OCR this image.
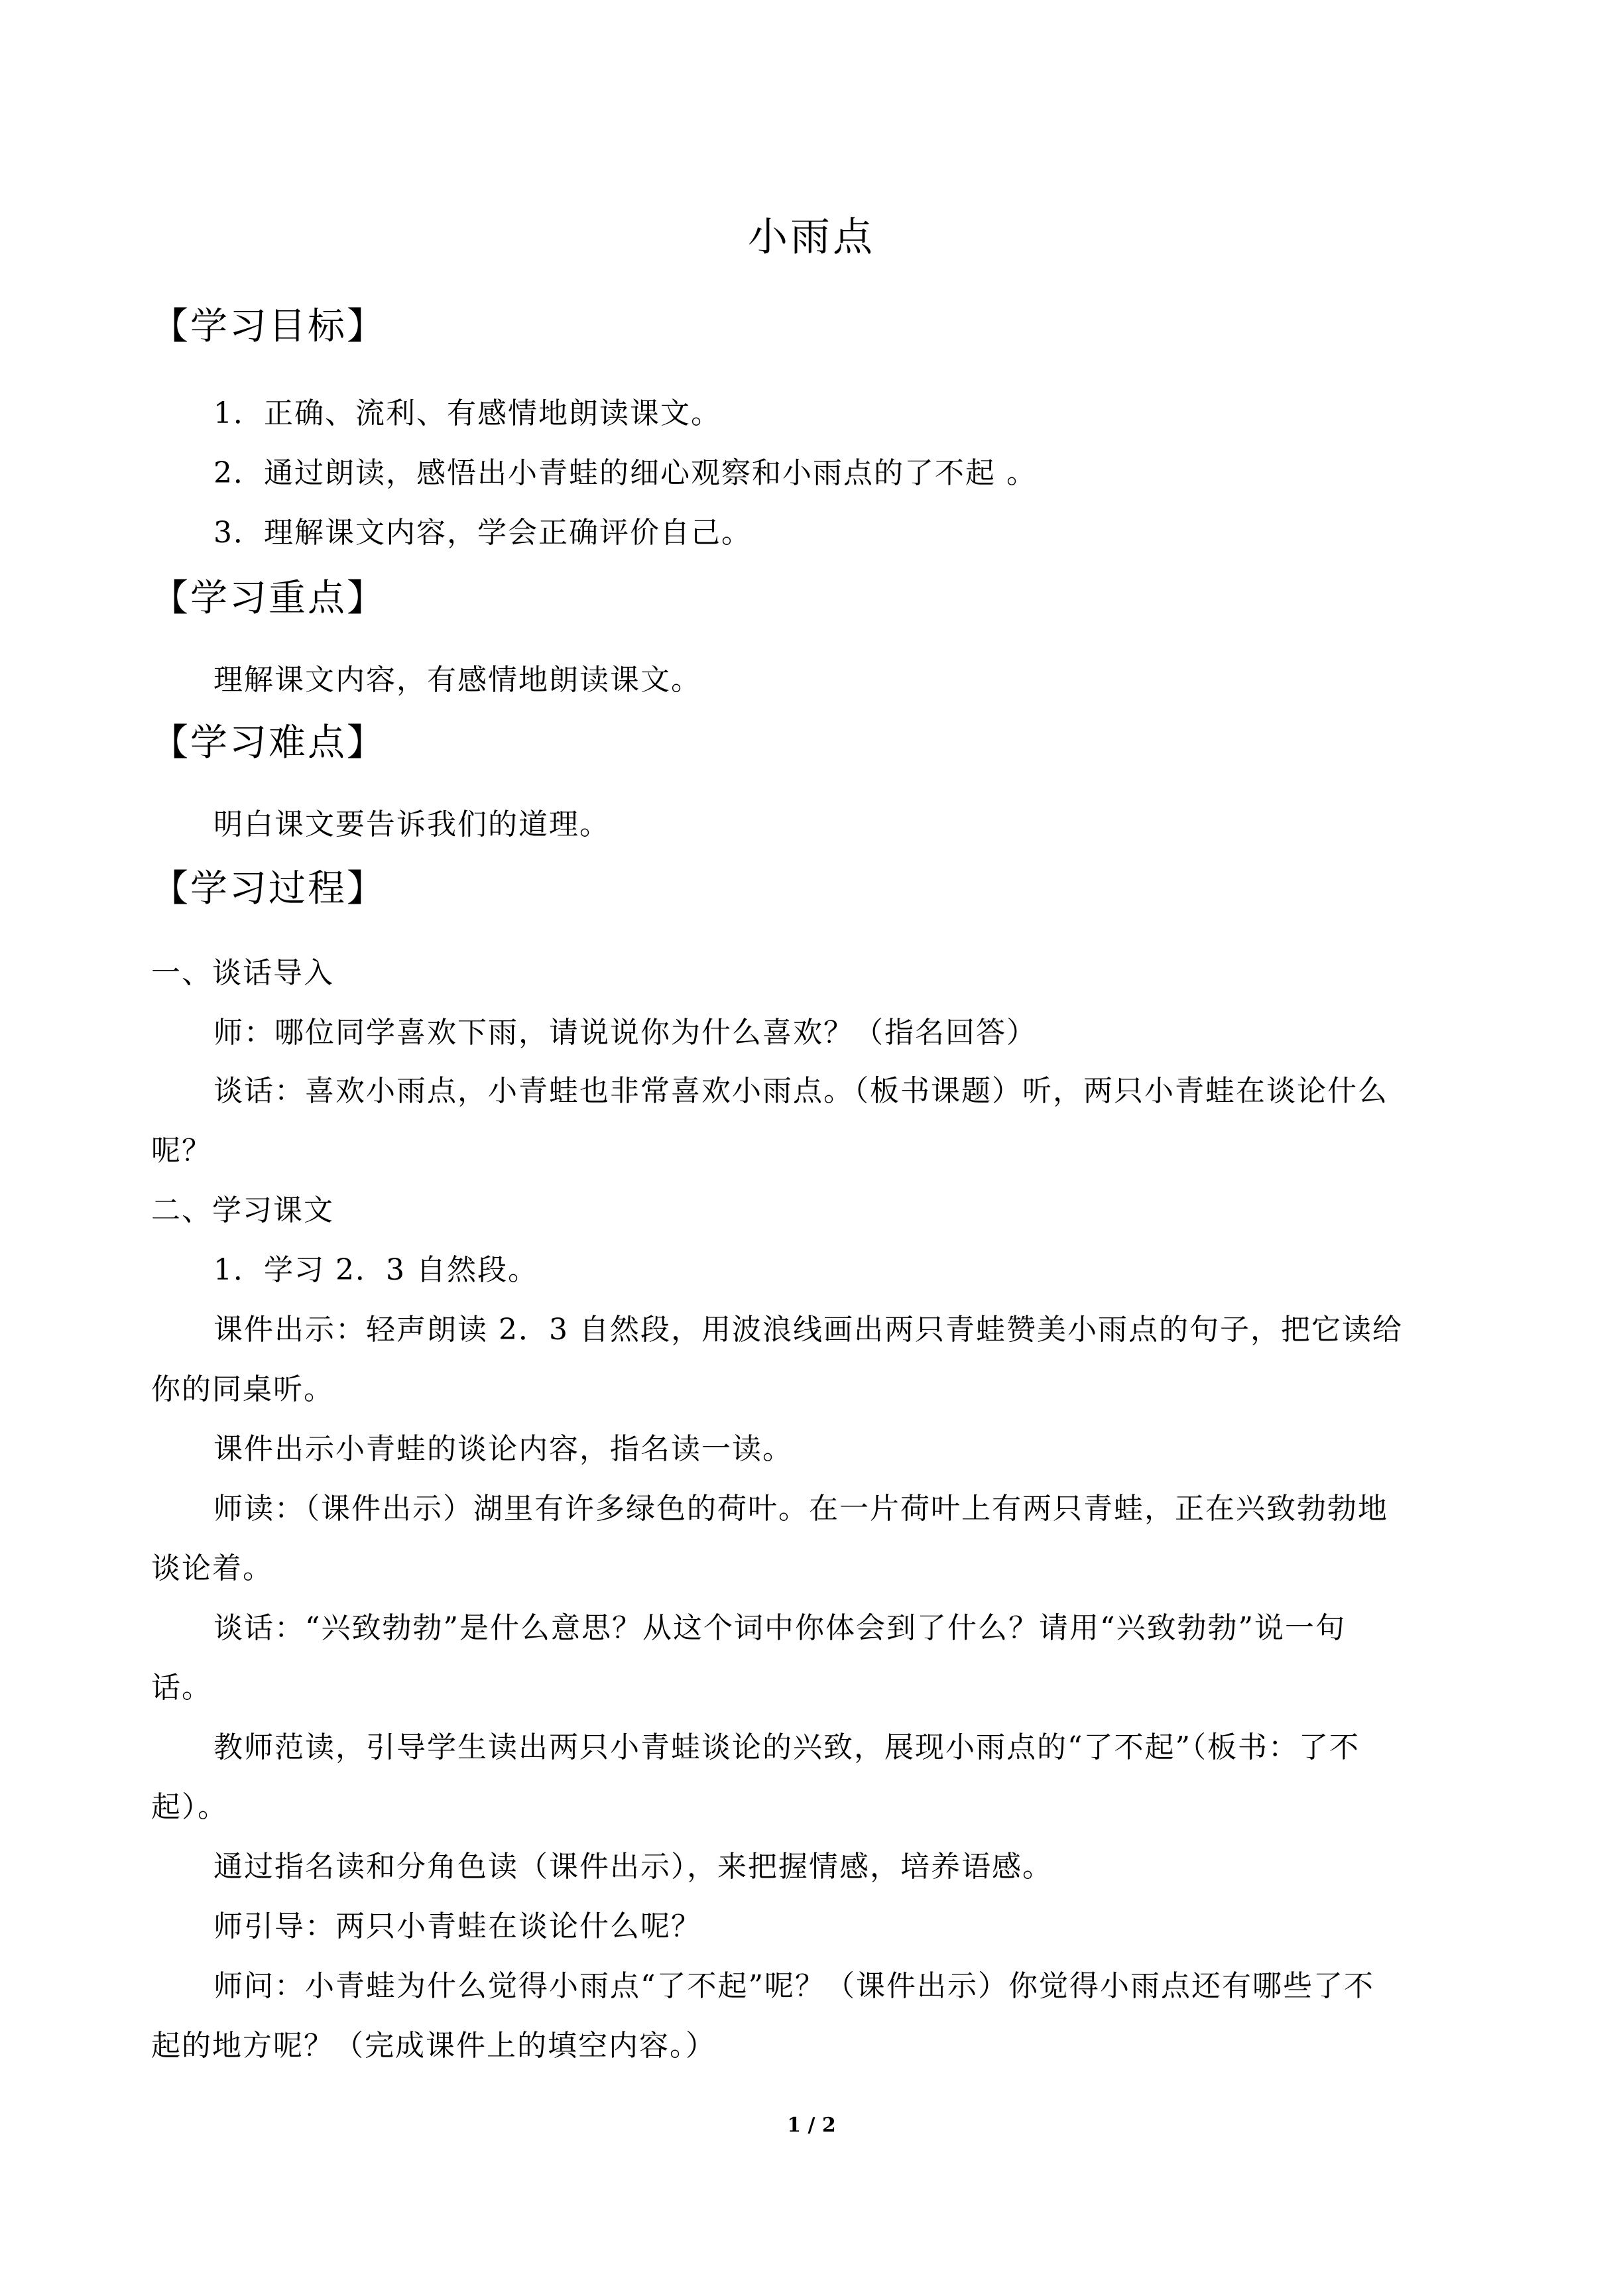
小雨点
【学习目标】
1．正确、流利、有感情地朗读课文。
2．通过朗读，感悟出小青蛙的细心观察和小雨点的了不起 。
3．理解课文内容，学会正确评价自己。
【学习重点】
理解课文内容，有感情地朗读课文。
【学习难点】
明白课文要告诉我们的道理。
【学习过程】
一、谈话导入
师：哪位同学喜欢下雨，请说说你为什么喜欢？（指名回答）
谈话：喜欢小雨点，小青蛙也非常喜欢小雨点。（板书课题）听，两只小青蛙在谈论什么
呢？
二、学习课文
1．学习 2．3 自然段。
课件出示：轻声朗读 2．3 自然段，用波浪线画出两只青蛙赞美小雨点的句子，把它读给
你的同桌听。
课件出示小青蛙的谈论内容，指名读一读。
师读：（课件出示）湖里有许多绿色的荷叶。在一片荷叶上有两只青蛙，正在兴致勃勃地
谈论着。
谈话：“兴致勃勃”是什么意思？从这个词中你体会到了什么？请用“兴致勃勃”说一句
话。
教师范读，引导学生读出两只小青蛙谈论的兴致，展现小雨点的“了不起”（板书：了不
起）。
通过指名读和分角色读（课件出示），来把握情感，培养语感。
师引导：两只小青蛙在谈论什么呢？
师问：小青蛙为什么觉得小雨点“了不起”呢？（课件出示）你觉得小雨点还有哪些了不
起的地方呢？（完成课件上的填空内容。）
1 / 2
